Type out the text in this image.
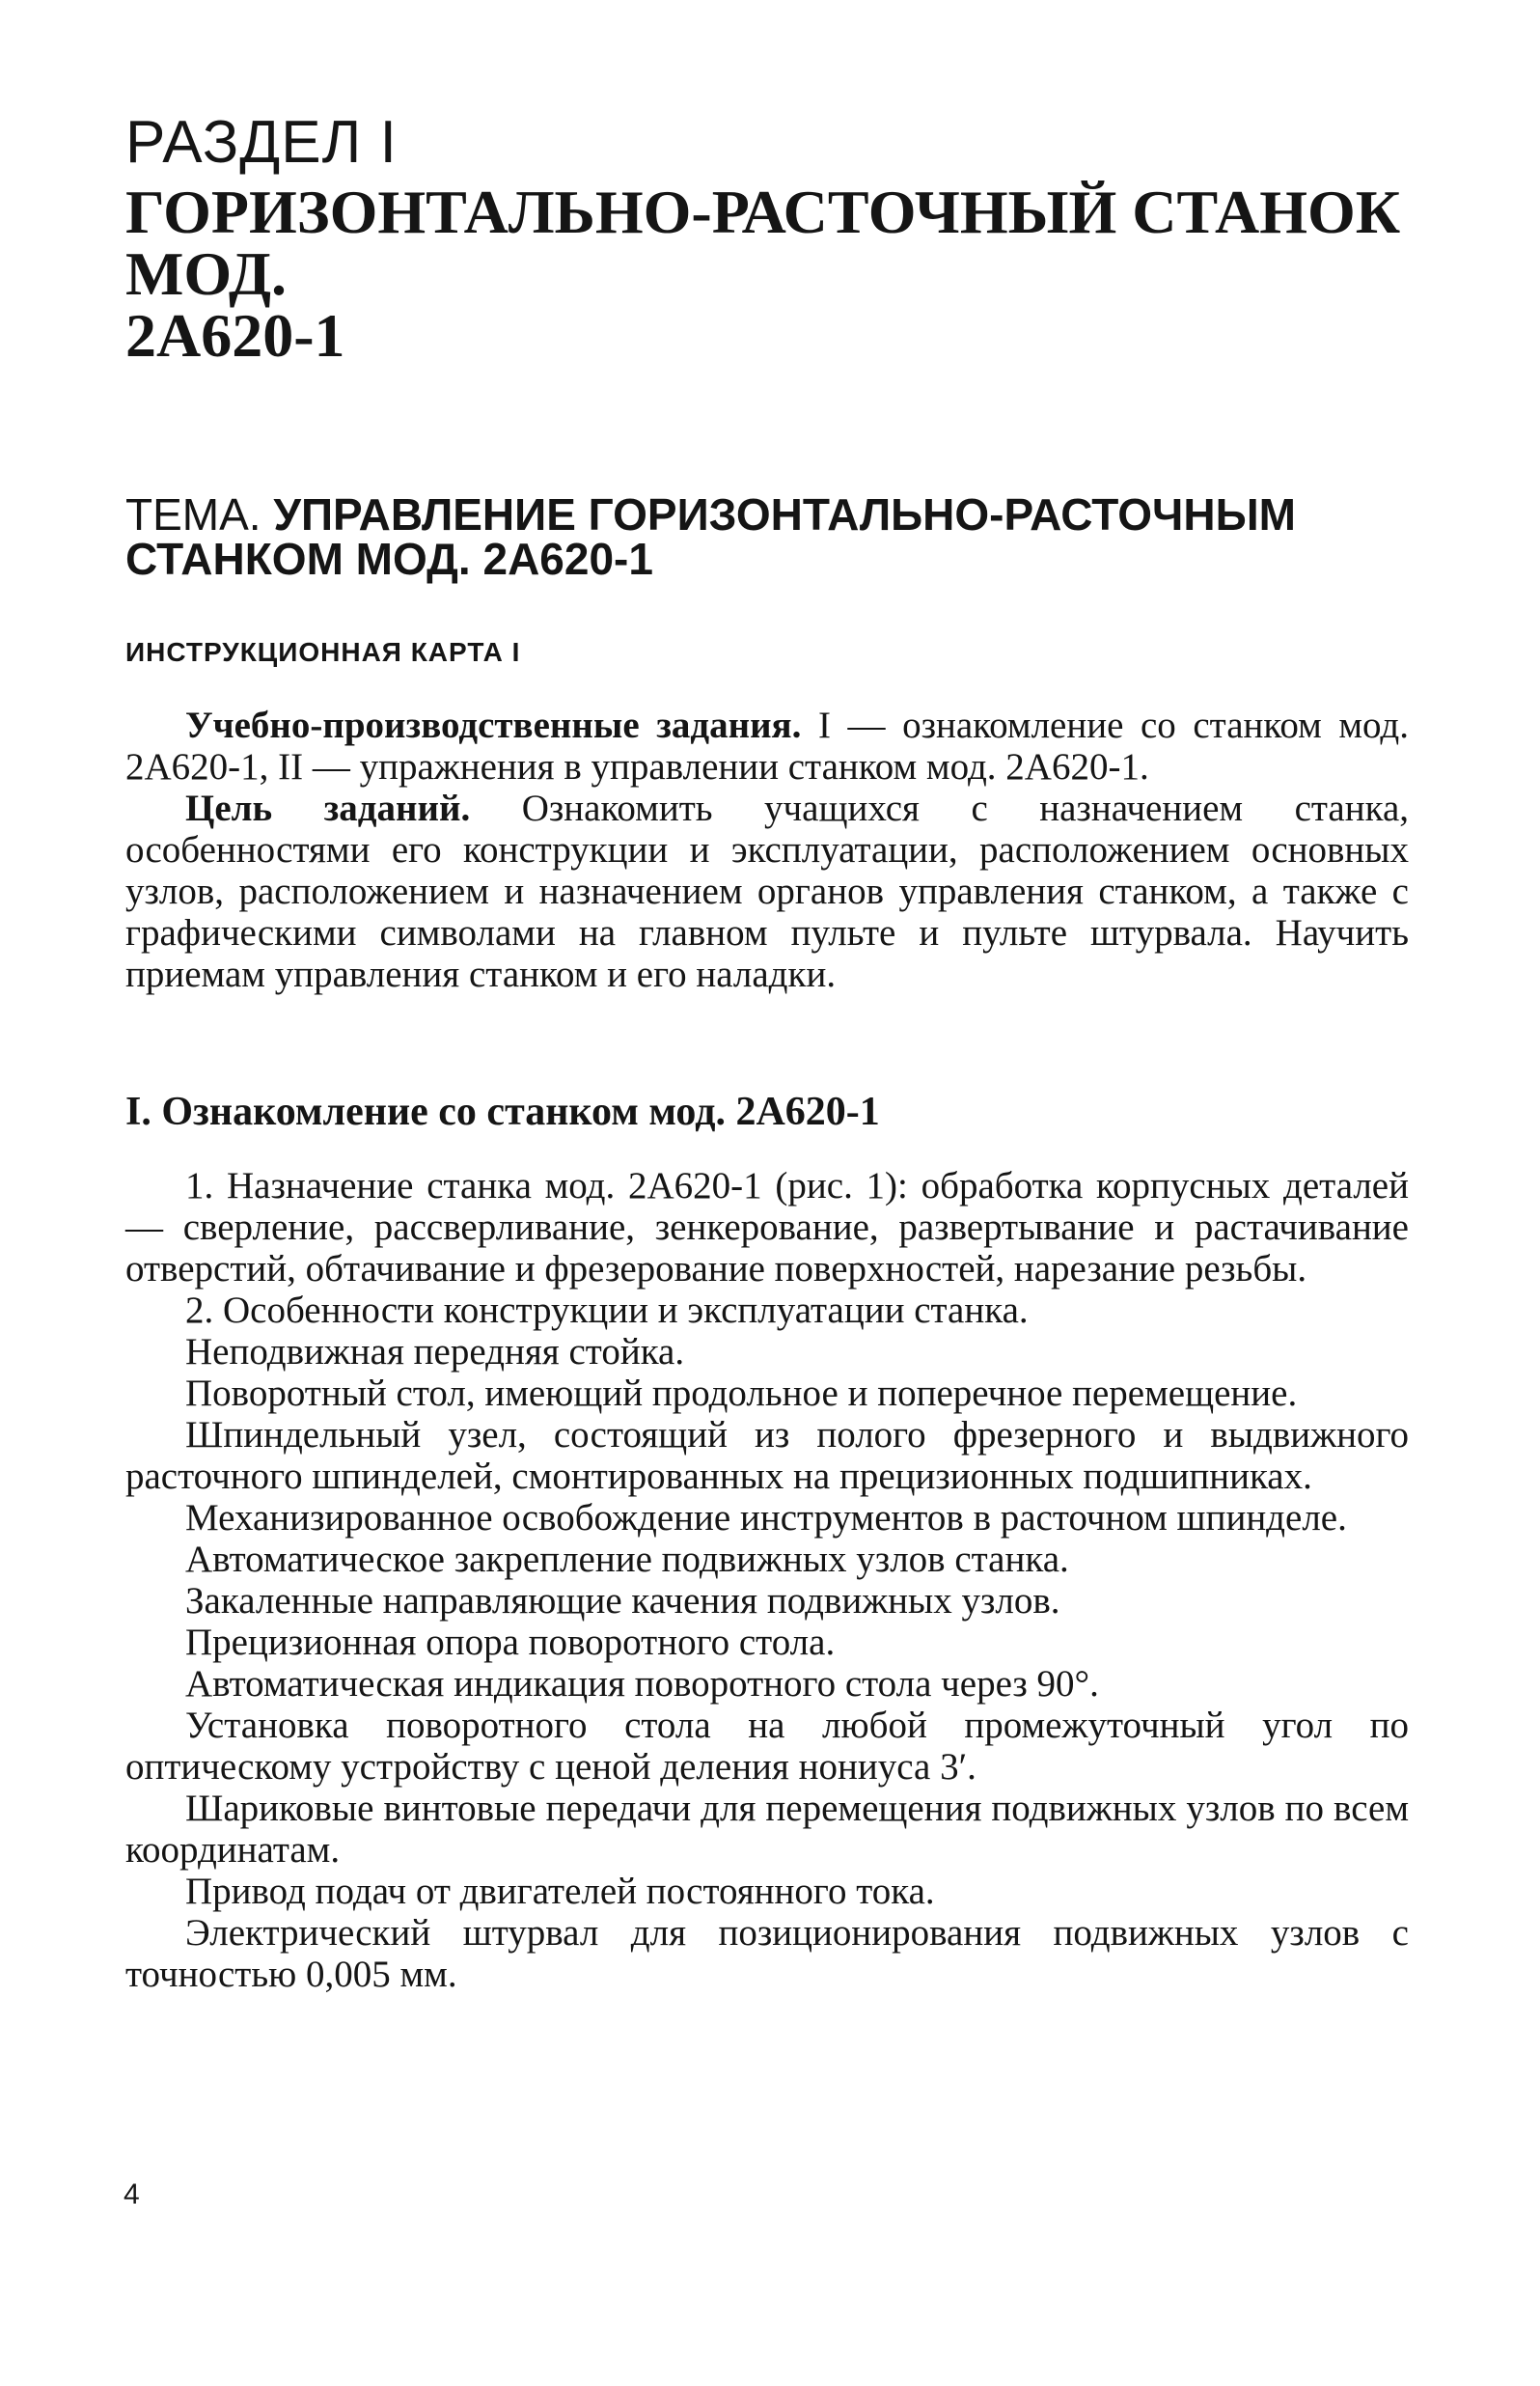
РАЗДЕЛ I
ГОРИЗОНТАЛЬНО-РАСТОЧНЫЙ СТАНОК МОД.
2А620-1
ТЕМА. УПРАВЛЕНИЕ ГОРИЗОНТАЛЬНО-РАСТОЧНЫМ СТАНКОМ МОД. 2А620-1
ИНСТРУКЦИОННАЯ КАРТА I

Учебно-производственные задания. I — ознакомление со станком мод. 2А620-1, II — упражнения в управлении станком мод. 2А620-1.

Цель заданий. Ознакомить учащихся с назначением станка, особенностями его конструкции и эксплуатации, расположением основных узлов, расположением и назначением органов управления станком, а также с графическими символами на главном пульте и пульте штурвала. Научить приемам управления станком и его наладки.

I. Ознакомление со станком мод. 2А620-1

1. Назначение станка мод. 2А620-1 (рис. 1): обработка корпусных деталей — сверление, рассверливание, зенкерование, развертывание и растачивание отверстий, обтачивание и фрезерование поверхностей, нарезание резьбы.

2. Особенности конструкции и эксплуатации станка.

Неподвижная передняя стойка.

Поворотный стол, имеющий продольное и поперечное перемещение.

Шпиндельный узел, состоящий из полого фрезерного и выдвижного расточного шпинделей, смонтированных на прецизионных подшипниках.

Механизированное освобождение инструментов в расточном шпинделе.

Автоматическое закрепление подвижных узлов станка.

Закаленные направляющие качения подвижных узлов.

Прецизионная опора поворотного стола.

Автоматическая индикация поворотного стола через 90°.

Установка поворотного стола на любой промежуточный угол по оптическому устройству с ценой деления нониуса 3′.

Шариковые винтовые передачи для перемещения подвижных узлов по всем координатам.

Привод подач от двигателей постоянного тока.

Электрический штурвал для позиционирования подвижных узлов с точностью 0,005 мм.

4
